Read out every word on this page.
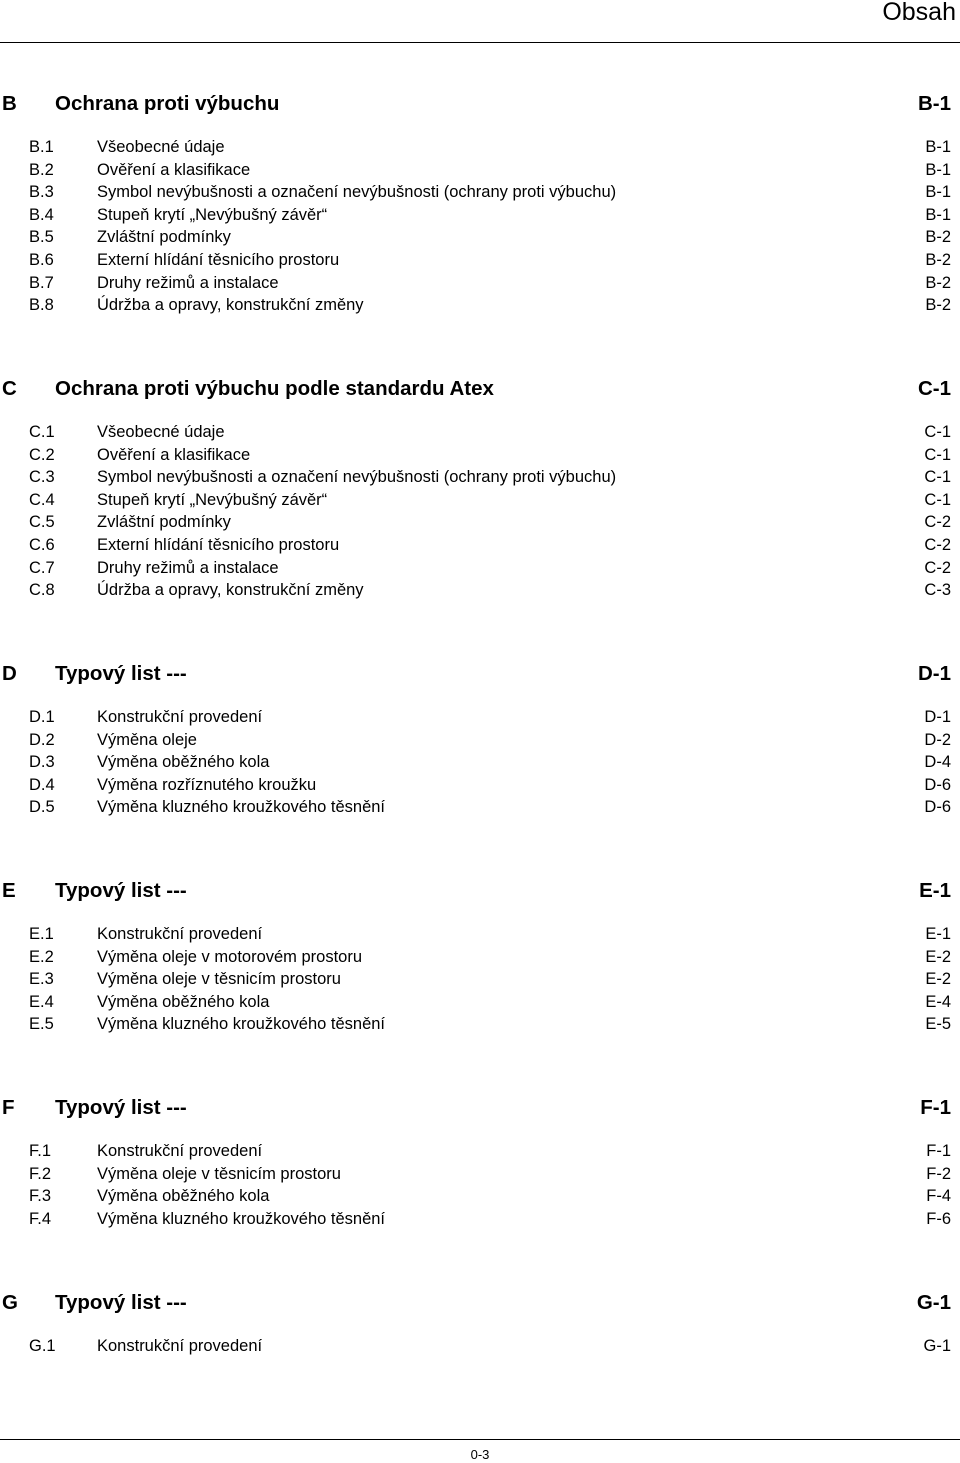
Obsah
B Ochrana proti výbuchu	B-1
B.1	Všeobecné údaje	B-1
B.2	Ověření a klasifikace	B-1
B.3	Symbol nevýbušnosti a označení nevýbušnosti (ochrany proti výbuchu)	B-1
B.4	Stupeň krytí „Nevýbušný závěr“	B-1
B.5	Zvláštní podmínky	B-2
B.6	Externí hlídání těsnicího prostoru	B-2
B.7	Druhy režimů a instalace	B-2
B.8	Údržba a opravy, konstrukční změny	B-2
C Ochrana proti výbuchu podle standardu Atex	C-1
C.1	Všeobecné údaje	C-1
C.2	Ověření a klasifikace	C-1
C.3	Symbol nevýbušnosti a označení nevýbušnosti (ochrany proti výbuchu)	C-1
C.4	Stupeň krytí „Nevýbušný závěr“	C-1
C.5	Zvláštní podmínky	C-2
C.6	Externí hlídání těsnicího prostoru	C-2
C.7	Druhy režimů a instalace	C-2
C.8	Údržba a opravy, konstrukční změny	C-3
D Typový list ---	D-1
D.1	Konstrukční provedení	D-1
D.2	Výměna oleje	D-2
D.3	Výměna oběžného kola	D-4
D.4	Výměna rozříznutého kroužku	D-6
D.5	Výměna kluzného kroužkového těsnění	D-6
E Typový list ---	E-1
E.1	Konstrukční provedení	E-1
E.2	Výměna oleje v motorovém prostoru	E-2
E.3	Výměna oleje v těsnicím prostoru	E-2
E.4	Výměna oběžného kola	E-4
E.5	Výměna kluzného kroužkového těsnění	E-5
F Typový list ---	F-1
F.1	Konstrukční provedení	F-1
F.2	Výměna oleje v těsnicím prostoru	F-2
F.3	Výměna oběžného kola	F-4
F.4	Výměna kluzného kroužkového těsnění	F-6
G Typový list ---	G-1
G.1	Konstrukční provedení	G-1
0-3
